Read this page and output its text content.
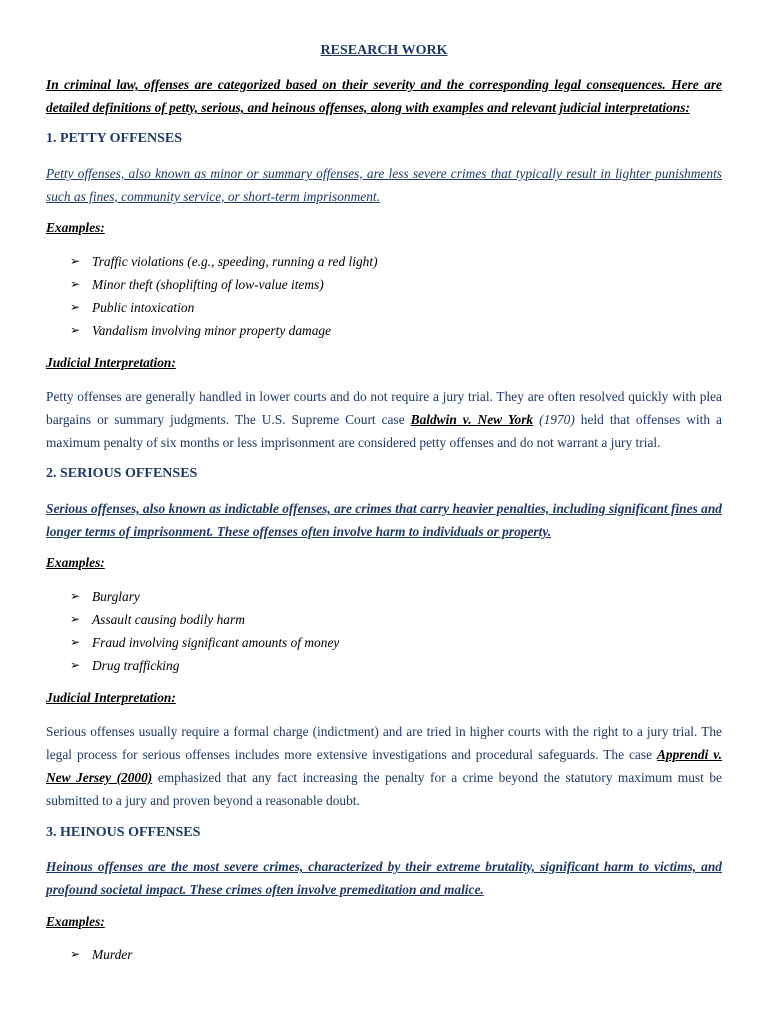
RESEARCH WORK
In criminal law, offenses are categorized based on their severity and the corresponding legal consequences. Here are detailed definitions of petty, serious, and heinous offenses, along with examples and relevant judicial interpretations:
1. PETTY OFFENSES
Petty offenses, also known as minor or summary offenses, are less severe crimes that typically result in lighter punishments such as fines, community service, or short-term imprisonment.
Examples:
➢ Traffic violations (e.g., speeding, running a red light)
➢ Minor theft (shoplifting of low-value items)
➢ Public intoxication
➢ Vandalism involving minor property damage
Judicial Interpretation:
Petty offenses are generally handled in lower courts and do not require a jury trial. They are often resolved quickly with plea bargains or summary judgments. The U.S. Supreme Court case Baldwin v. New York (1970) held that offenses with a maximum penalty of six months or less imprisonment are considered petty offenses and do not warrant a jury trial.
2. SERIOUS OFFENSES
Serious offenses, also known as indictable offenses, are crimes that carry heavier penalties, including significant fines and longer terms of imprisonment. These offenses often involve harm to individuals or property.
Examples:
➢ Burglary
➢ Assault causing bodily harm
➢ Fraud involving significant amounts of money
➢ Drug trafficking
Judicial Interpretation:
Serious offenses usually require a formal charge (indictment) and are tried in higher courts with the right to a jury trial. The legal process for serious offenses includes more extensive investigations and procedural safeguards. The case Apprendi v. New Jersey (2000) emphasized that any fact increasing the penalty for a crime beyond the statutory maximum must be submitted to a jury and proven beyond a reasonable doubt.
3. HEINOUS OFFENSES
Heinous offenses are the most severe crimes, characterized by their extreme brutality, significant harm to victims, and profound societal impact. These crimes often involve premeditation and malice.
Examples:
➢ Murder
